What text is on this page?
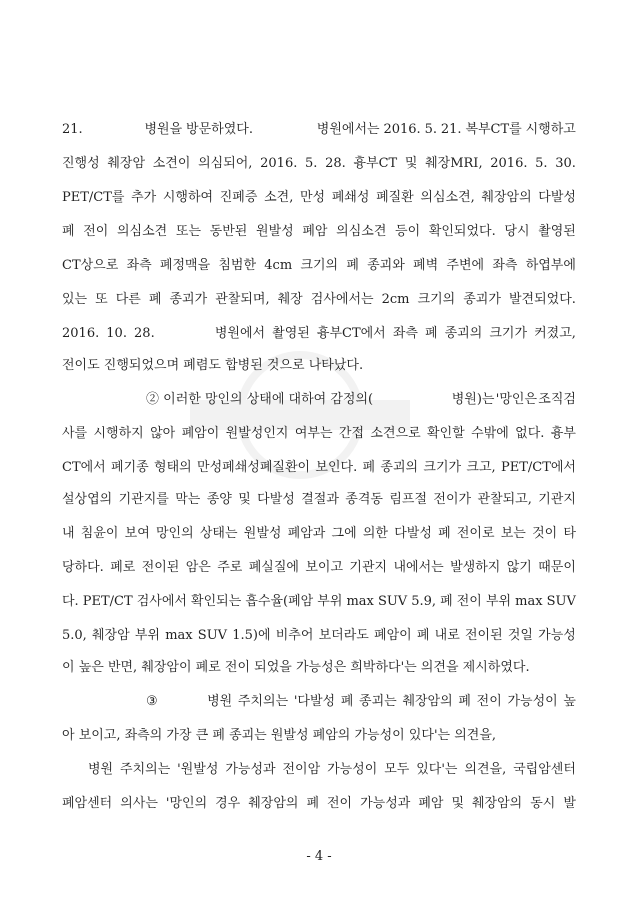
21.	병원을 방문하였다.	병원에서는 2016. 5. 21. 복부CT를 시행하고
진행성 췌장암 소견이 의심되어, 2016. 5. 28. 흉부CT 및 췌장MRI, 2016. 5. 30.
PET/CT를 추가 시행하여 진폐증 소견, 만성 폐쇄성 폐질환 의심소견, 췌장암의 다발성
폐 전이 의심소견 또는 동반된 원발성 폐암 의심소견 등이 확인되었다. 당시 촬영된
CT상으로 좌측 폐정맥을 침범한 4cm 크기의 폐 종괴와 폐벽 주변에 좌측 하엽부에
있는 또 다른 폐 종괴가 관찰되며, 췌장 검사에서는 2cm 크기의 종괴가 발견되었다.
2016. 10. 28.	병원에서 촬영된 흉부CT에서 좌측 폐 종괴의 크기가 커졌고,
전이도 진행되었으며 폐렴도 합병된 것으로 나타났다.
② 이러한 망인의 상태에 대하여 감정의(	병원)는 '망인은 조직검
사를 시행하지 않아 폐암이 원발성인지 여부는 간접 소견으로 확인할 수밖에 없다. 흉부
CT에서 폐기종 형태의 만성폐쇄성폐질환이 보인다. 폐 종괴의 크기가 크고, PET/CT에서
설상엽의 기관지를 막는 종양 및 다발성 결절과 종격동 림프절 전이가 관찰되고, 기관지
내 침윤이 보여 망인의 상태는 원발성 폐암과 그에 의한 다발성 폐 전이로 보는 것이 타
당하다. 폐로 전이된 암은 주로 폐실질에 보이고 기관지 내에서는 발생하지 않기 때문이
다. PET/CT 검사에서 확인되는 흡수율(폐암 부위 max SUV 5.9, 폐 전이 부위 max SUV
5.0, 췌장암 부위 max SUV 1.5)에 비추어 보더라도 폐암이 폐 내로 전이된 것일 가능성
이 높은 반면, 췌장암이 폐로 전이 되었을 가능성은 희박하다'는 의견을 제시하였다.
③	병원 주치의는 '다발성 폐 종괴는 췌장암의 폐 전이 가능성이 높
아 보이고, 좌측의 가장 큰 폐 종괴는 원발성 폐암의 가능성이 있다'는 의견을,
병원 주치의는 '원발성 가능성과 전이암 가능성이 모두 있다'는 의견을, 국립암센터
폐암센터 의사는 '망인의 경우 췌장암의 폐 전이 가능성과 폐암 및 췌장암의 동시 발
- 4 -
